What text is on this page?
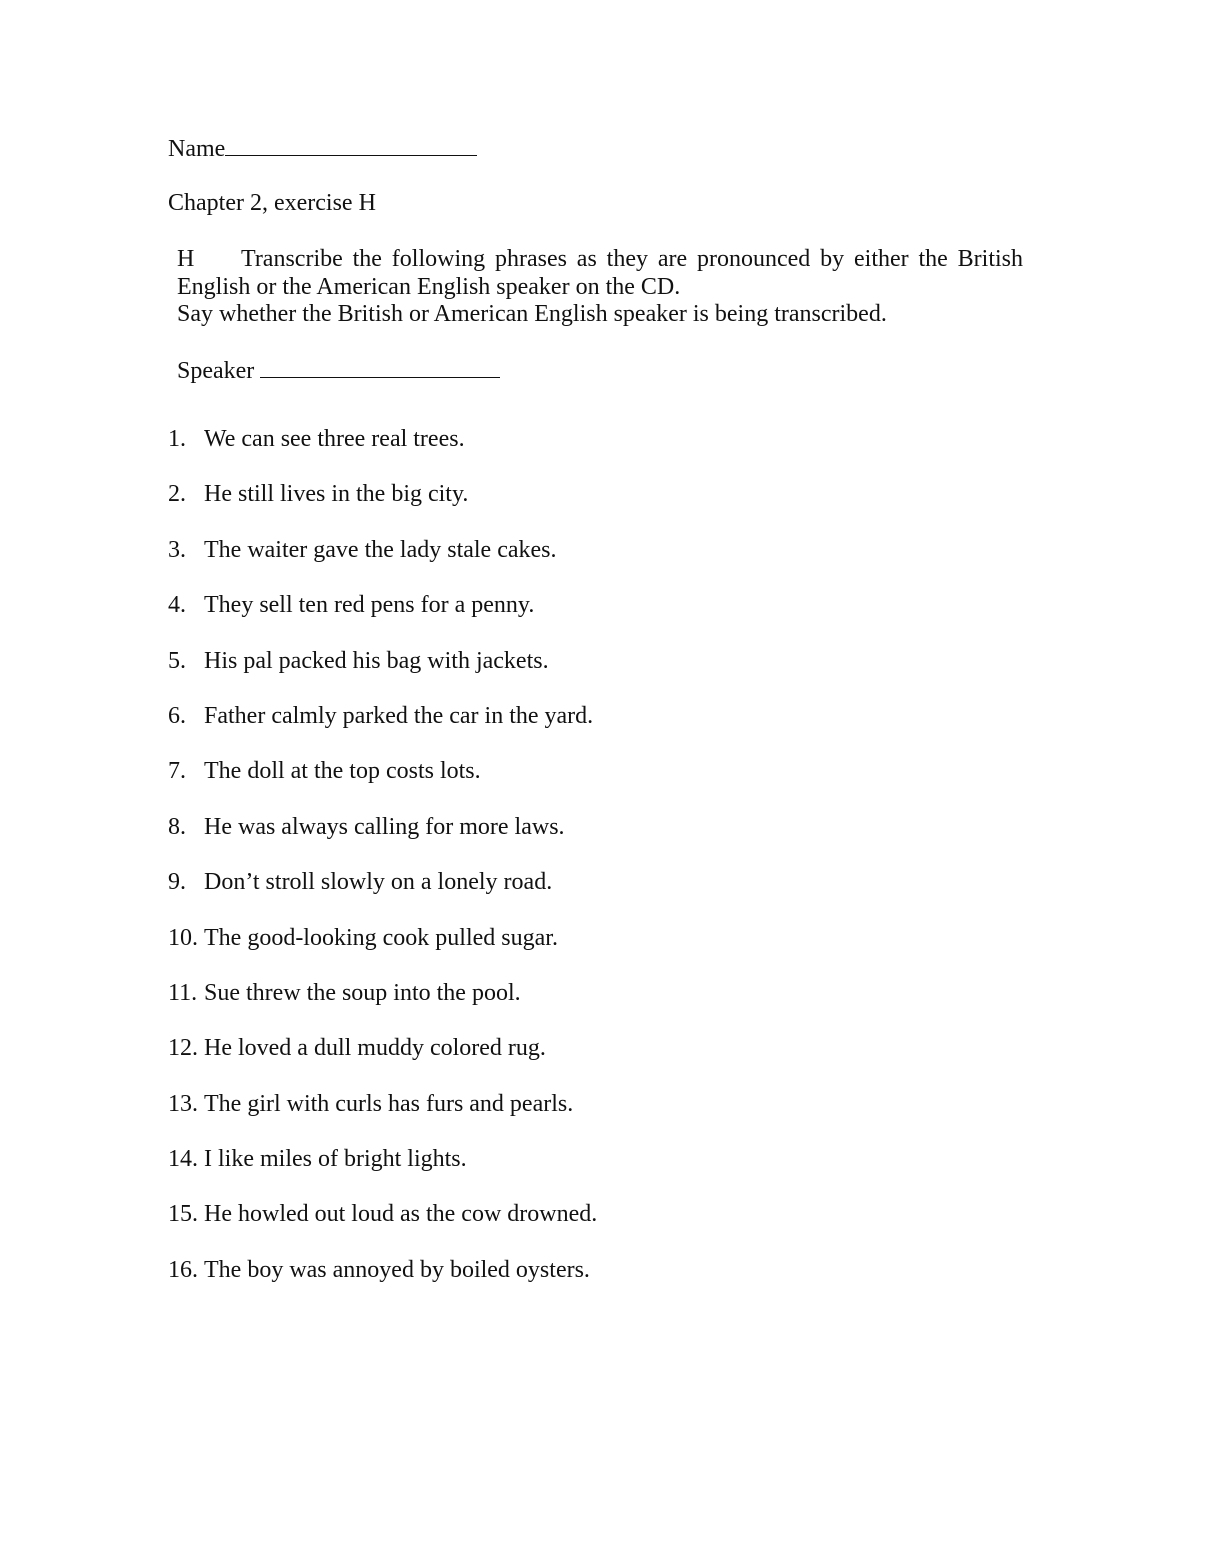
Name
Chapter 2, exercise H

H Transcribe the following phrases as they are pronounced by either the British English or the American English speaker on the CD.

Say whether the British or American English speaker is being transcribed.

Speaker
1. We can see three real trees.
2. He still lives in the big city.
3. The waiter gave the lady stale cakes.
4. They sell ten red pens for a penny.
5. His pal packed his bag with jackets.
6. Father calmly parked the car in the yard.
7. The doll at the top costs lots.
8. He was always calling for more laws.
9. Don’t stroll slowly on a lonely road.
10. The good-looking cook pulled sugar.
11. Sue threw the soup into the pool.
12. He loved a dull muddy colored rug.
13. The girl with curls has furs and pearls.
14. I like miles of bright lights.
15. He howled out loud as the cow drowned.
16. The boy was annoyed by boiled oysters.
